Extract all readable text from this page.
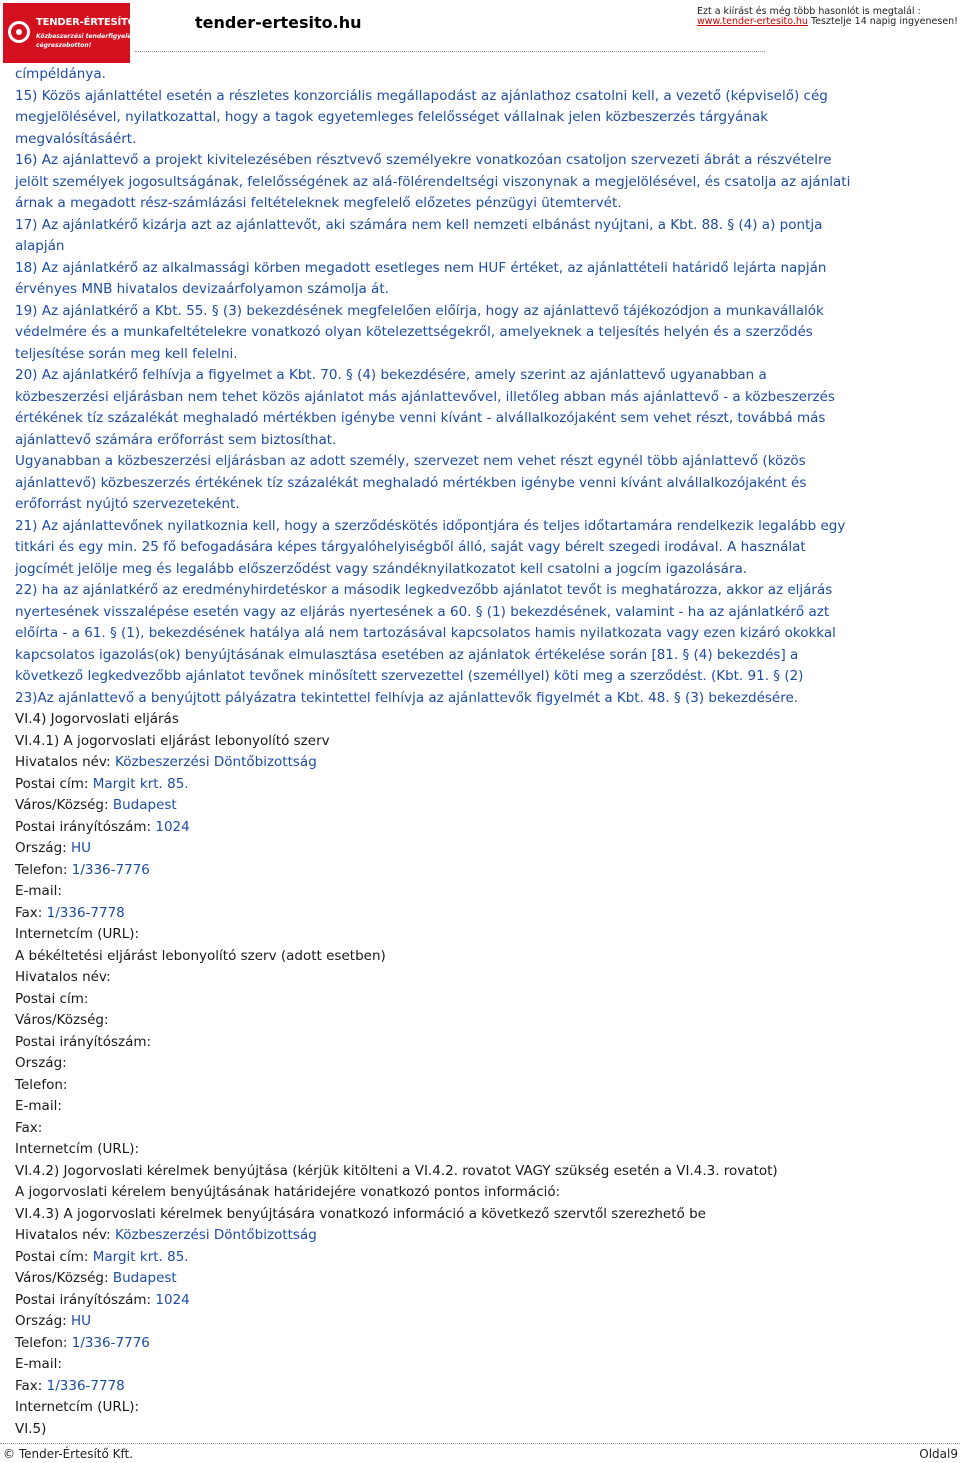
TENDER-ÉRTESÍTŐ.hu
Közbeszerzési tenderfigyelés
cégreszobotton!
tender-ertesito.hu
Ezt a kiírást és még több hasonlót is megtalál :
www.tender-ertesito.hu Tesztelje 14 napig ingyenesen!
címpéldánya.
15) Közös ajánlattétel esetén a részletes konzorciális megállapodást az ajánlathoz csatolni kell, a vezető (képviselő) cég
megjelölésével, nyilatkozattal, hogy a tagok egyetemleges felelősséget vállalnak jelen közbeszerzés tárgyának
megvalósításáért.
16) Az ajánlattevő a projekt kivitelezésében résztvevő személyekre vonatkozóan csatoljon szervezeti ábrát a részvételre
jelölt személyek jogosultságának, felelősségének az alá-fölérendeltségi viszonynak a megjelölésével, és csatolja az ajánlati
árnak a megadott rész-számlázási feltételeknek megfelelő előzetes pénzügyi ütemtervét.
17) Az ajánlatkérő kizárja azt az ajánlattevőt, aki számára nem kell nemzeti elbánást nyújtani, a Kbt. 88. § (4) a) pontja
alapján
18) Az ajánlatkérő az alkalmassági körben megadott esetleges nem HUF értéket, az ajánlattételi határidő lejárta napján
érvényes MNB hivatalos devizaárfolyamon számolja át.
19) Az ajánlatkérő a Kbt. 55. § (3) bekezdésének megfelelően előírja, hogy az ajánlattevő tájékozódjon a munkavállalók
védelmére és a munkafeltételekre vonatkozó olyan kötelezettségekről, amelyeknek a teljesítés helyén és a szerződés
teljesítése során meg kell felelni.
20) Az ajánlatkérő felhívja a figyelmet a Kbt. 70. § (4) bekezdésére, amely szerint az ajánlattevő ugyanabban a
közbeszerzési eljárásban nem tehet közös ajánlatot más ajánlattevővel, illetőleg abban más ajánlattevő - a közbeszerzés
értékének tíz százalékát meghaladó mértékben igénybe venni kívánt - alvállalkozójaként sem vehet részt, továbbá más
ajánlattevő számára erőforrást sem biztosíthat.
Ugyanabban a közbeszerzési eljárásban az adott személy, szervezet nem vehet részt egynél több ajánlattevő (közös
ajánlattevő) közbeszerzés értékének tíz százalékát meghaladó mértékben igénybe venni kívánt alvállalkozójaként és
erőforrást nyújtó szervezeteként.
21) Az ajánlattevőnek nyilatkoznia kell, hogy a szerződéskötés időpontjára és teljes időtartamára rendelkezik legalább egy
titkári és egy min. 25 fő befogadására képes tárgyalóhelyiségből álló, saját vagy bérelt szegedi irodával. A használat
jogcímét jelölje meg és legalább előszerződést vagy szándéknyilatkozatot kell csatolni a jogcím igazolására.
22) ha az ajánlatkérő az eredményhirdetéskor a második legkedvezőbb ajánlatot tevőt is meghatározza, akkor az eljárás
nyertesének visszalépése esetén vagy az eljárás nyertesének a 60. § (1) bekezdésének, valamint - ha az ajánlatkérő azt
előírta - a 61. § (1), bekezdésének hatálya alá nem tartozásával kapcsolatos hamis nyilatkozata vagy ezen kizáró okokkal
kapcsolatos igazolás(ok) benyújtásának elmulasztása esetében az ajánlatok értékelése során [81. § (4) bekezdés] a
következő legkedvezőbb ajánlatot tevőnek minősített szervezettel (személlyel) köti meg a szerződést. (Kbt. 91. § (2)
23)Az ajánlattevő a benyújtott pályázatra tekintettel felhívja az ajánlattevők figyelmét a Kbt. 48. § (3) bekezdésére.
VI.4) Jogorvoslati eljárás
VI.4.1) A jogorvoslati eljárást lebonyolító szerv
Hivatalos név: Közbeszerzési Döntőbizottság
Postai cím: Margit krt. 85.
Város/Község: Budapest
Postai irányítószám: 1024
Ország: HU
Telefon: 1/336-7776
E-mail:
Fax: 1/336-7778
Internetcím (URL):
A békéltetési eljárást lebonyolító szerv (adott esetben)
Hivatalos név:
Postai cím:
Város/Község:
Postai irányítószám:
Ország:
Telefon:
E-mail:
Fax:
Internetcím (URL):
VI.4.2) Jogorvoslati kérelmek benyújtása (kérjük kitölteni a VI.4.2. rovatot VAGY szükség esetén a VI.4.3. rovatot)
A jogorvoslati kérelem benyújtásának határidejére vonatkozó pontos információ:
VI.4.3) A jogorvoslati kérelmek benyújtására vonatkozó információ a következő szervtől szerezhető be
Hivatalos név: Közbeszerzési Döntőbizottság
Postai cím: Margit krt. 85.
Város/Község: Budapest
Postai irányítószám: 1024
Ország: HU
Telefon: 1/336-7776
E-mail:
Fax: 1/336-7778
Internetcím (URL):
VI.5)
© Tender-Értesítő Kft.	Oldal9
